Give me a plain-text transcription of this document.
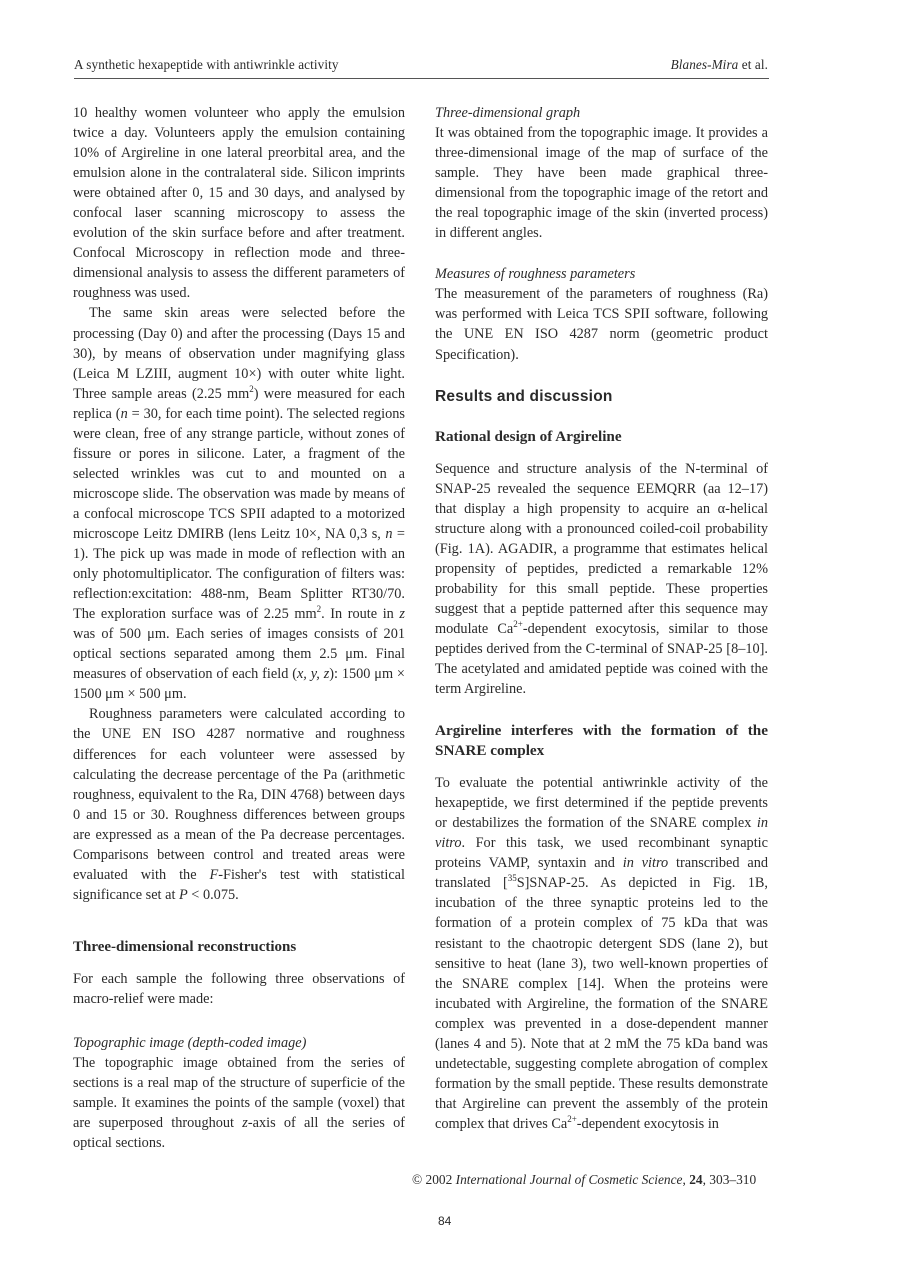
A synthetic hexapeptide with antiwrinkle activity	Blanes-Mira et al.

10 healthy women volunteer who apply the emulsion twice a day. Volunteers apply the emulsion containing 10% of Argireline in one lateral preorbital area, and the emulsion alone in the contralateral side. Silicon imprints were obtained after 0, 15 and 30 days, and analysed by confocal laser scanning microscopy to assess the evolution of the skin surface before and after treatment. Confocal Microscopy in reflection mode and three-dimensional analysis to assess the different parameters of roughness was used.

The same skin areas were selected before the processing (Day 0) and after the processing (Days 15 and 30), by means of observation under magnifying glass (Leica M LZIII, augment 10×) with outer white light. Three sample areas (2.25 $mm^2$) were measured for each replica (n = 30, for each time point). The selected regions were clean, free of any strange particle, without zones of fissure or pores in silicone. Later, a fragment of the selected wrinkles was cut to and mounted on a microscope slide. The observation was made by means of a confocal microscope TCS SPII adapted to a motorized microscope Leitz DMIRB (lens Leitz 10×, NA 0,3 s, n = 1). The pick up was made in mode of reflection with an only photomultiplicator. The configuration of filters was: reflection:excitation: 488-nm, Beam Splitter RT30/70. The exploration surface was of 2.25 $mm^2$. In route in z was of 500 μm. Each series of images consists of 201 optical sections separated among them 2.5 μm. Final measures of observation of each field (x, y, z): 1500 μm × 1500 μm × 500 μm.

Roughness parameters were calculated according to the UNE EN ISO 4287 normative and roughness differences for each volunteer were assessed by calculating the decrease percentage of the Pa (arithmetic roughness, equivalent to the Ra, DIN 4768) between days 0 and 15 or 30. Roughness differences between groups are expressed as a mean of the Pa decrease percentages. Comparisons between control and treated areas were evaluated with the F-Fisher's test with statistical significance set at P < 0.075.

Three-dimensional reconstructions

For each sample the following three observations of macro-relief were made:

Topographic image (depth-coded image)

The topographic image obtained from the series of sections is a real map of the structure of superficie of the sample. It examines the points of the sample (voxel) that are superposed throughout z-axis of all the series of optical sections.

Three-dimensional graph

It was obtained from the topographic image. It provides a three-dimensional image of the map of surface of the sample. They have been made graphical three-dimensional from the topographic image of the retort and the real topographic image of the skin (inverted process) in different angles.

Measures of roughness parameters

The measurement of the parameters of roughness (Ra) was performed with Leica TCS SPII software, following the UNE EN ISO 4287 norm (geometric product Specification).

Results and discussion
Rational design of Argireline

Sequence and structure analysis of the N-terminal of SNAP-25 revealed the sequence EEMQRR (aa 12–17) that display a high propensity to acquire an α-helical structure along with a pronounced coiled-coil probability (Fig. 1A). AGADIR, a programme that estimates helical propensity of peptides, predicted a remarkable 12% probability for this small peptide. These properties suggest that a peptide patterned after this sequence may modulate $Ca^{2+}$-dependent exocytosis, similar to those peptides derived from the C-terminal of SNAP-25 [8–10]. The acetylated and amidated peptide was coined with the term Argireline.

Argireline interferes with the formation of the SNARE complex

To evaluate the potential antiwrinkle activity of the hexapeptide, we first determined if the peptide prevents or destabilizes the formation of the SNARE complex in vitro. For this task, we used recombinant synaptic proteins VAMP, syntaxin and in vitro transcribed and translated [$^{35}$S]SNAP-25. As depicted in Fig. 1B, incubation of the three synaptic proteins led to the formation of a protein complex of 75 kDa that was resistant to the chaotropic detergent SDS (lane 2), but sensitive to heat (lane 3), two well-known properties of the SNARE complex [14]. When the proteins were incubated with Argireline, the formation of the SNARE complex was prevented in a dose-dependent manner (lanes 4 and 5). Note that at 2 mM the 75 kDa band was undetectable, suggesting complete abrogation of complex formation by the small peptide. These results demonstrate that Argireline can prevent the assembly of the protein complex that drives $Ca^{2+}$-dependent exocytosis in

© 2002 International Journal of Cosmetic Science, 24, 303–310
84
